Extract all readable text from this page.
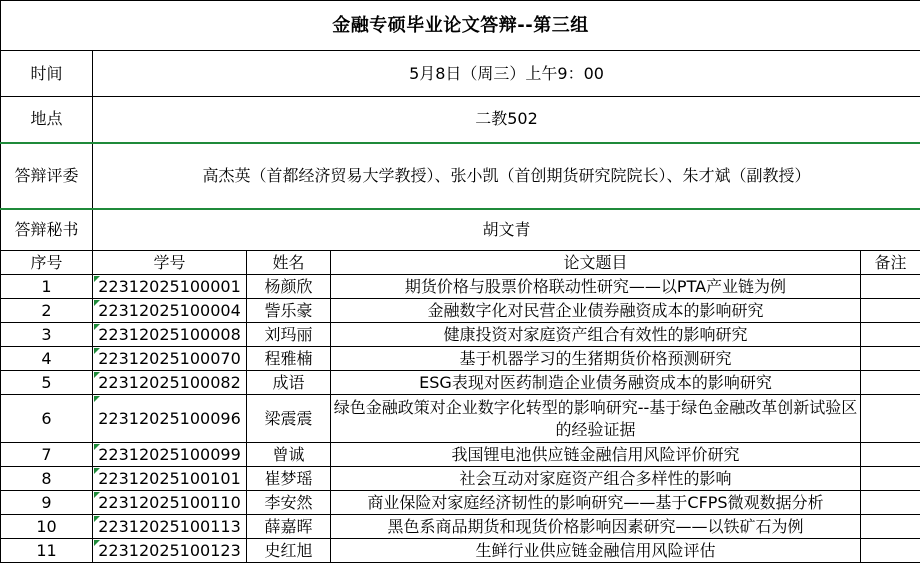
金融专硕毕业论文答辩--第三组				
时间	5月8日（周三）上午9：00			
地点	二教502			
答辩评委	高杰英（首都经济贸易大学教授）、张小凯（首创期货研究院院长）、朱才斌（副教授）			
答辩秘书	胡文青			
序号	学号	姓名	论文题目	备注
1	22312025100001	杨颜欣	期货价格与股票价格联动性研究——以PTA产业链为例	
2	22312025100004	訾乐豪	金融数字化对民营企业债券融资成本的影响研究	
3	22312025100008	刘玛丽	健康投资对家庭资产组合有效性的影响研究	
4	22312025100070	程雅楠	基于机器学习的生猪期货价格预测研究	
5	22312025100082	成语	ESG表现对医药制造企业债务融资成本的影响研究	
6	22312025100096	梁震震	绿色金融政策对企业数字化转型的影响研究--基于绿色金融改革创新试验区的经验证据	
7	22312025100099	曾诚	我国锂电池供应链金融信用风险评价研究	
8	22312025100101	崔梦瑶	社会互动对家庭资产组合多样性的影响	
9	22312025100110	李安然	商业保险对家庭经济韧性的影响研究——基于CFPS微观数据分析	
10	22312025100113	薛嘉晖	黑色系商品期货和现货价格影响因素研究——以铁矿石为例	
11	22312025100123	史红旭	生鲜行业供应链金融信用风险评估	
